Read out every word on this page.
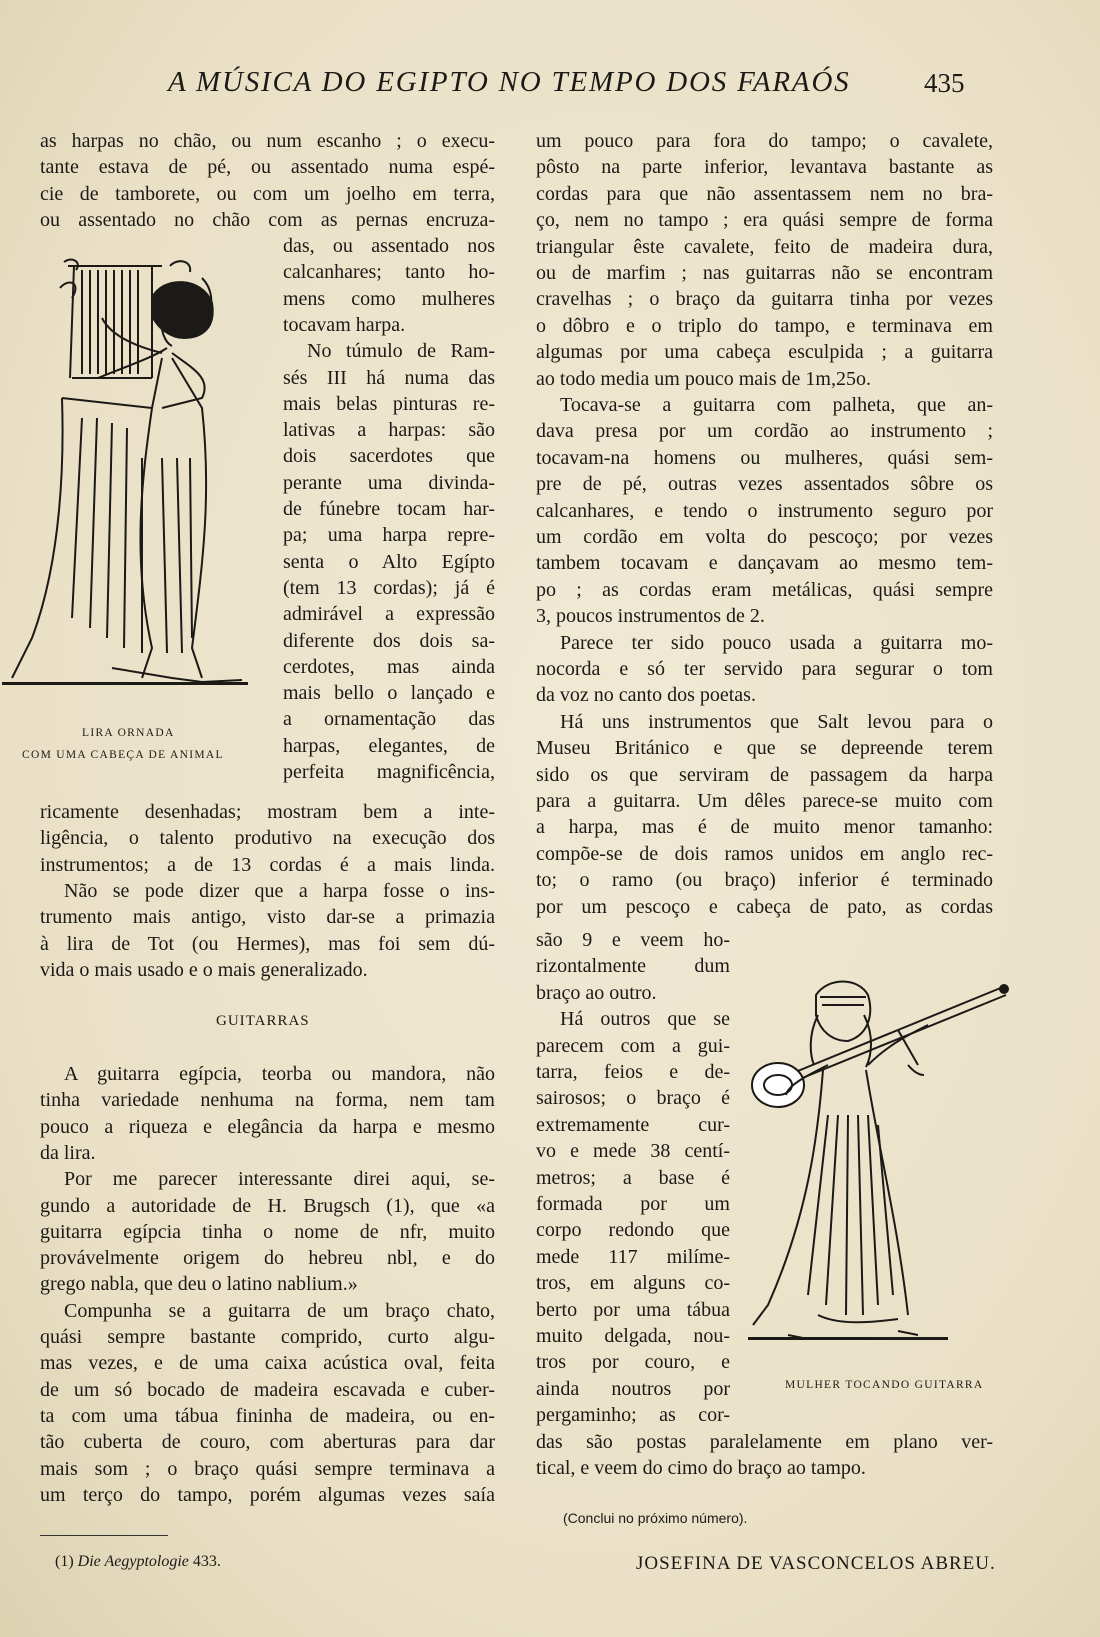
A MÚSICA DO EGIPTO NO TEMPO DOS FARAÓS	435
as harpas no chão, ou num escanho ; o execu-
tante estava de pé, ou assentado numa espé-
cie de tamborete, ou com um joelho em terra,
ou assentado no chão com as pernas encruza-
das, ou assentado nos
calcanhares; tanto ho-
mens como mulheres
tocavam harpa.
No túmulo de Ram-
sés III há numa das
mais belas pinturas re-
lativas a harpas: são
dois sacerdotes que
perante uma divinda-
de fúnebre tocam har-
pa; uma harpa repre-
senta o Alto Egípto
(tem 13 cordas); já é
admirável a expressão
diferente dos dois sa-
cerdotes, mas ainda
mais bello o lançado e
a ornamentação das
harpas, elegantes, de
perfeita magnificência,
ricamente desenhadas; mostram bem a inte-
ligência, o talento produtivo na execução dos
instrumentos; a de 13 cordas é a mais linda.
Não se pode dizer que a harpa fosse o ins-
trumento mais antigo, visto dar-se a primazia
à lira de Tot (ou Hermes), mas foi sem dú-
vida o mais usado e o mais generalizado.
GUITARRAS
A guitarra egípcia, teorba ou mandora, não
tinha variedade nenhuma na forma, nem tam
pouco a riqueza e elegância da harpa e mesmo
da lira.
Por me parecer interessante direi aqui, se-
gundo a autoridade de H. Brugsch (1), que «a
guitarra egípcia tinha o nome de nfr, muito
provávelmente origem do hebreu nbl, e do
grego nabla, que deu o latino nablium.»
Compunha se a guitarra de um braço chato,
quási sempre bastante comprido, curto algu-
mas vezes, e de uma caixa acústica oval, feita
de um só bocado de madeira escavada e cuber-
ta com uma tábua fininha de madeira, ou en-
tão cuberta de couro, com aberturas para dar
mais som ; o braço quási sempre terminava a
um terço do tampo, porém algumas vezes saía
LIRA ORNADA
COM UMA CABEÇA DE ANIMAL
um pouco para fora do tampo; o cavalete,
pôsto na parte inferior, levantava bastante as
cordas para que não assentassem nem no bra-
ço, nem no tampo ; era quási sempre de forma
triangular êste cavalete, feito de madeira dura,
ou de marfim ; nas guitarras não se encontram
cravelhas ; o braço da guitarra tinha por vezes
o dôbro e o triplo do tampo, e terminava em
algumas por uma cabeça esculpida ; a guitarra
ao todo media um pouco mais de 1m,25o.
Tocava-se a guitarra com palheta, que an-
dava presa por um cordão ao instrumento ;
tocavam-na homens ou mulheres, quási sem-
pre de pé, outras vezes assentados sôbre os
calcanhares, e tendo o instrumento seguro por
um cordão em volta do pescoço; por vezes
tambem tocavam e dançavam ao mesmo tem-
po ; as cordas eram metálicas, quási sempre
3, poucos instrumentos de 2.
Parece ter sido pouco usada a guitarra mo-
nocorda e só ter servido para segurar o tom
da voz no canto dos poetas.
Há uns instrumentos que Salt levou para o
Museu Británico e que se depreende terem
sido os que serviram de passagem da harpa
para a guitarra. Um dêles parece-se muito com
a harpa, mas é de muito menor tamanho:
compõe-se de dois ramos unidos em anglo rec-
to; o ramo (ou braço) inferior é terminado
por um pescoço e cabeça de pato, as cordas
são 9 e veem ho-
rizontalmente dum
braço ao outro.
Há outros que se
parecem com a gui-
tarra, feios e de-
sairosos; o braço é
extremamente cur-
vo e mede 38 centí-
metros; a base é
formada por um
corpo redondo que
mede 117 milíme-
tros, em alguns co-
berto por uma tábua
muito delgada, nou-
tros por couro, e
ainda noutros por
pergaminho; as cor-
das são postas paralelamente em plano ver-
tical, e veem do cimo do braço ao tampo.
MULHER TOCANDO GUITARRA
(Conclui no próximo número).
JOSEFINA DE VASCONCELOS ABREU.
(1) Die Aegyptologie 433.
